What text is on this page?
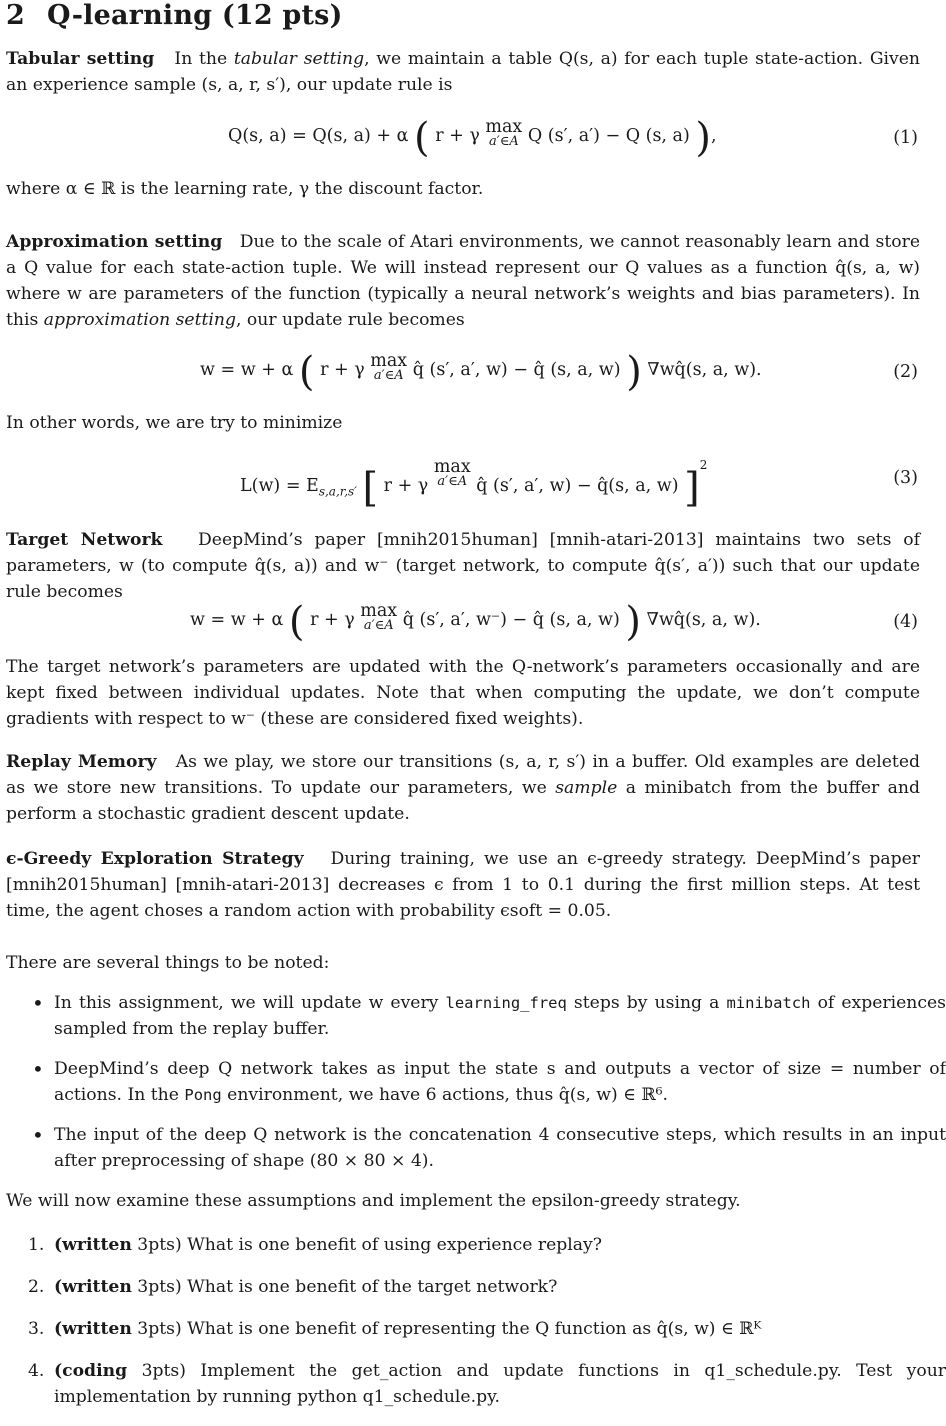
2 Q-learning (12 pts)

Tabular setting In the tabular setting, we maintain a table Q(s, a) for each tuple state-action. Given an experience sample (s, a, r, s′), our update rule is

Q(s, a) = Q(s, a) + α ( r + γ max
a′∈A Q (s′, a′) − Q (s, a) ),	(1)

where α ∈ ℝ is the learning rate, γ the discount factor.

Approximation setting Due to the scale of Atari environments, we cannot reasonably learn and store a Q value for each state-action tuple. We will instead represent our Q values as a function q̂(s, a, w) where w are parameters of the function (typically a neural network’s weights and bias parameters). In this approximation setting, our update rule becomes

w = w + α ( r + γ max
a′∈A q̂ (s′, a′, w) − q̂ (s, a, w) ) ∇wq̂(s, a, w).	(2)

In other words, we are try to minimize

$L(w) = E_{s,a,r,s'}$ [ r + γ max
a′∈A q̂ (s′, a′, w) − q̂(s, a, w) ]$^2$
(3)

Target Network DeepMind’s paper [mnih2015human] [mnih-atari-2013] maintains two sets of parameters, w (to compute q̂(s, a)) and w⁻ (target network, to compute q̂(s′, a′)) such that our update rule becomes

w = w + α ( r + γ max
a′∈A q̂ (s′, a′, w⁻) − q̂ (s, a, w) ) ∇wq̂(s, a, w).	(4)

The target network’s parameters are updated with the Q-network’s parameters occasionally and are kept fixed between individual updates. Note that when computing the update, we don’t compute gradients with respect to w⁻ (these are considered fixed weights).

Replay Memory As we play, we store our transitions (s, a, r, s′) in a buffer. Old examples are deleted as we store new transitions. To update our parameters, we sample a minibatch from the buffer and perform a stochastic gradient descent update.

ϵ-Greedy Exploration Strategy During training, we use an ϵ-greedy strategy. DeepMind’s paper [mnih2015human] [mnih-atari-2013] decreases ϵ from 1 to 0.1 during the first million steps. At test time, the agent choses a random action with probability ϵsoft = 0.05.

There are several things to be noted:

• In this assignment, we will update w every learning_freq steps by using a minibatch of experiences sampled from the replay buffer.
• DeepMind’s deep Q network takes as input the state s and outputs a vector of size = number of actions. In the Pong environment, we have 6 actions, thus q̂(s, w) ∈ ℝ⁶.
• The input of the deep Q network is the concatenation 4 consecutive steps, which results in an input after preprocessing of shape (80 × 80 × 4).

We will now examine these assumptions and implement the epsilon-greedy strategy.

1. (written 3pts) What is one benefit of using experience replay?
2. (written 3pts) What is one benefit of the target network?
3. (written 3pts) What is one benefit of representing the Q function as q̂(s, w) ∈ ℝᴷ
4. (coding 3pts) Implement the get_action and update functions in q1_schedule.py. Test your implementation by running python q1_schedule.py.
